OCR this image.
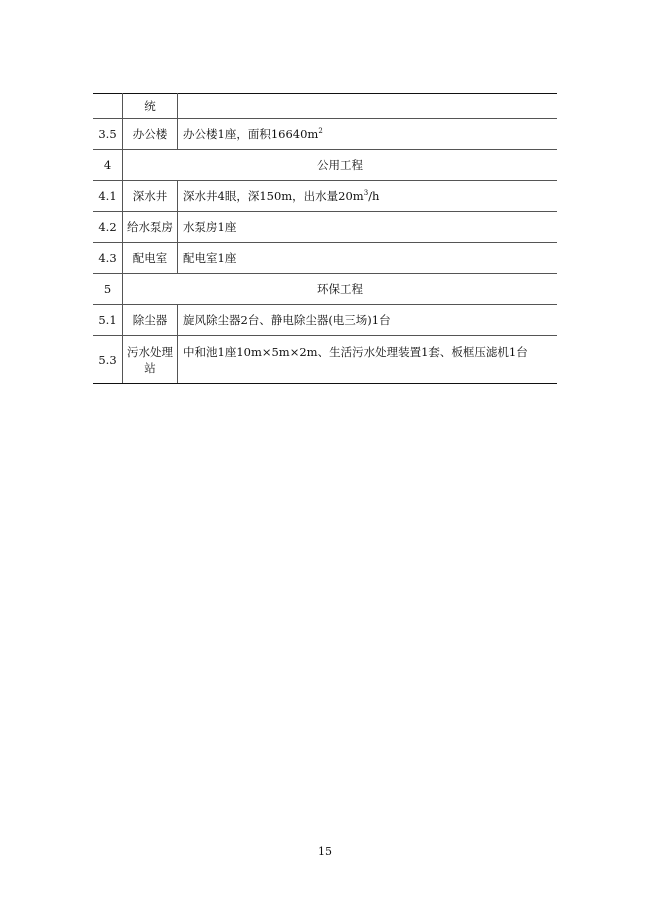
	统	
3.5	办公楼	办公楼1座，面积$16640m^2$
4	公用工程	
4.1	深水井	深水井4眼，深150m，出水量$20m^3/h$
4.2	给水泵房	水泵房1座
4.3	配电室	配电室1座
5	环保工程	
5.1	除尘器	旋风除尘器2台、静电除尘器(电三场)1台
5.3	污水处理站	中和池1座10m×5m×2m、生活污水处理装置1套、板框压滤机1台
15
